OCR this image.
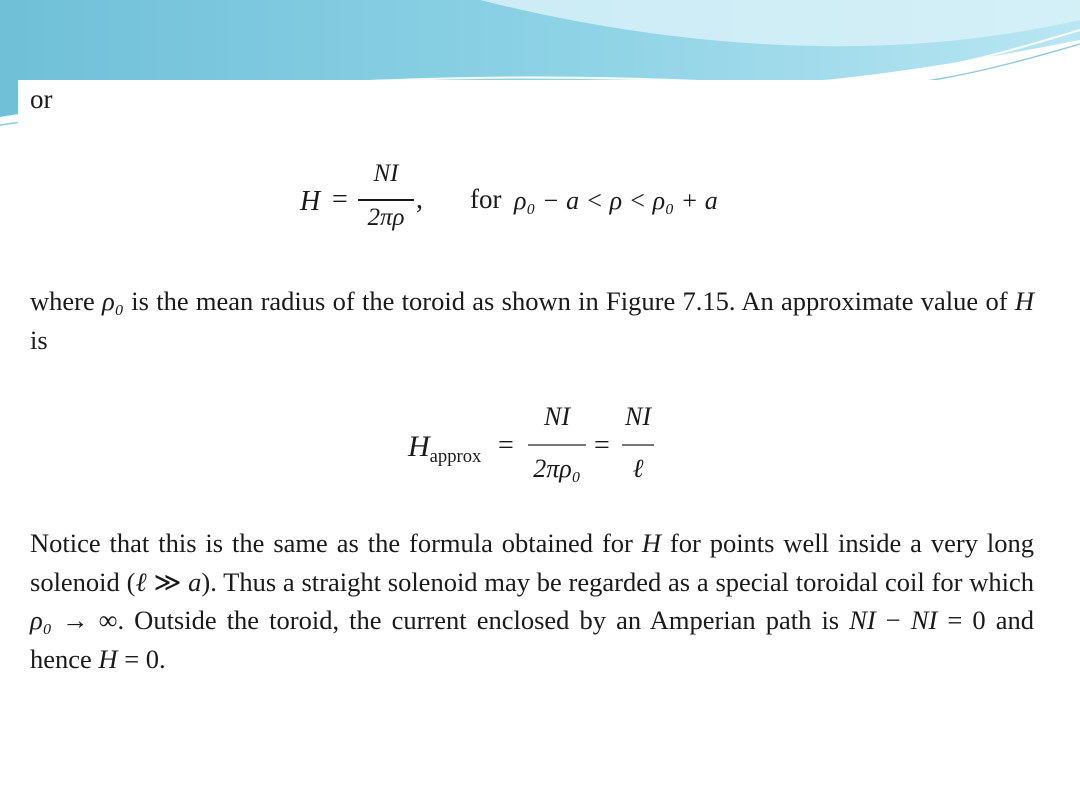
or
H =
NI
2πρ
, for ρ₀ − a < ρ < ρ₀ + a
where ρ₀ is the mean radius of the toroid as shown in Figure 7.15. An approximate value of H is
$H_{approx}$ =
NI
2πρ₀
=
NI
ℓ
Notice that this is the same as the formula obtained for H for points well inside a very long solenoid (ℓ ≫ a). Thus a straight solenoid may be regarded as a special toroidal coil for which ρ₀ → ∞. Outside the toroid, the current enclosed by an Amperian path is NI − NI = 0 and hence H = 0.
